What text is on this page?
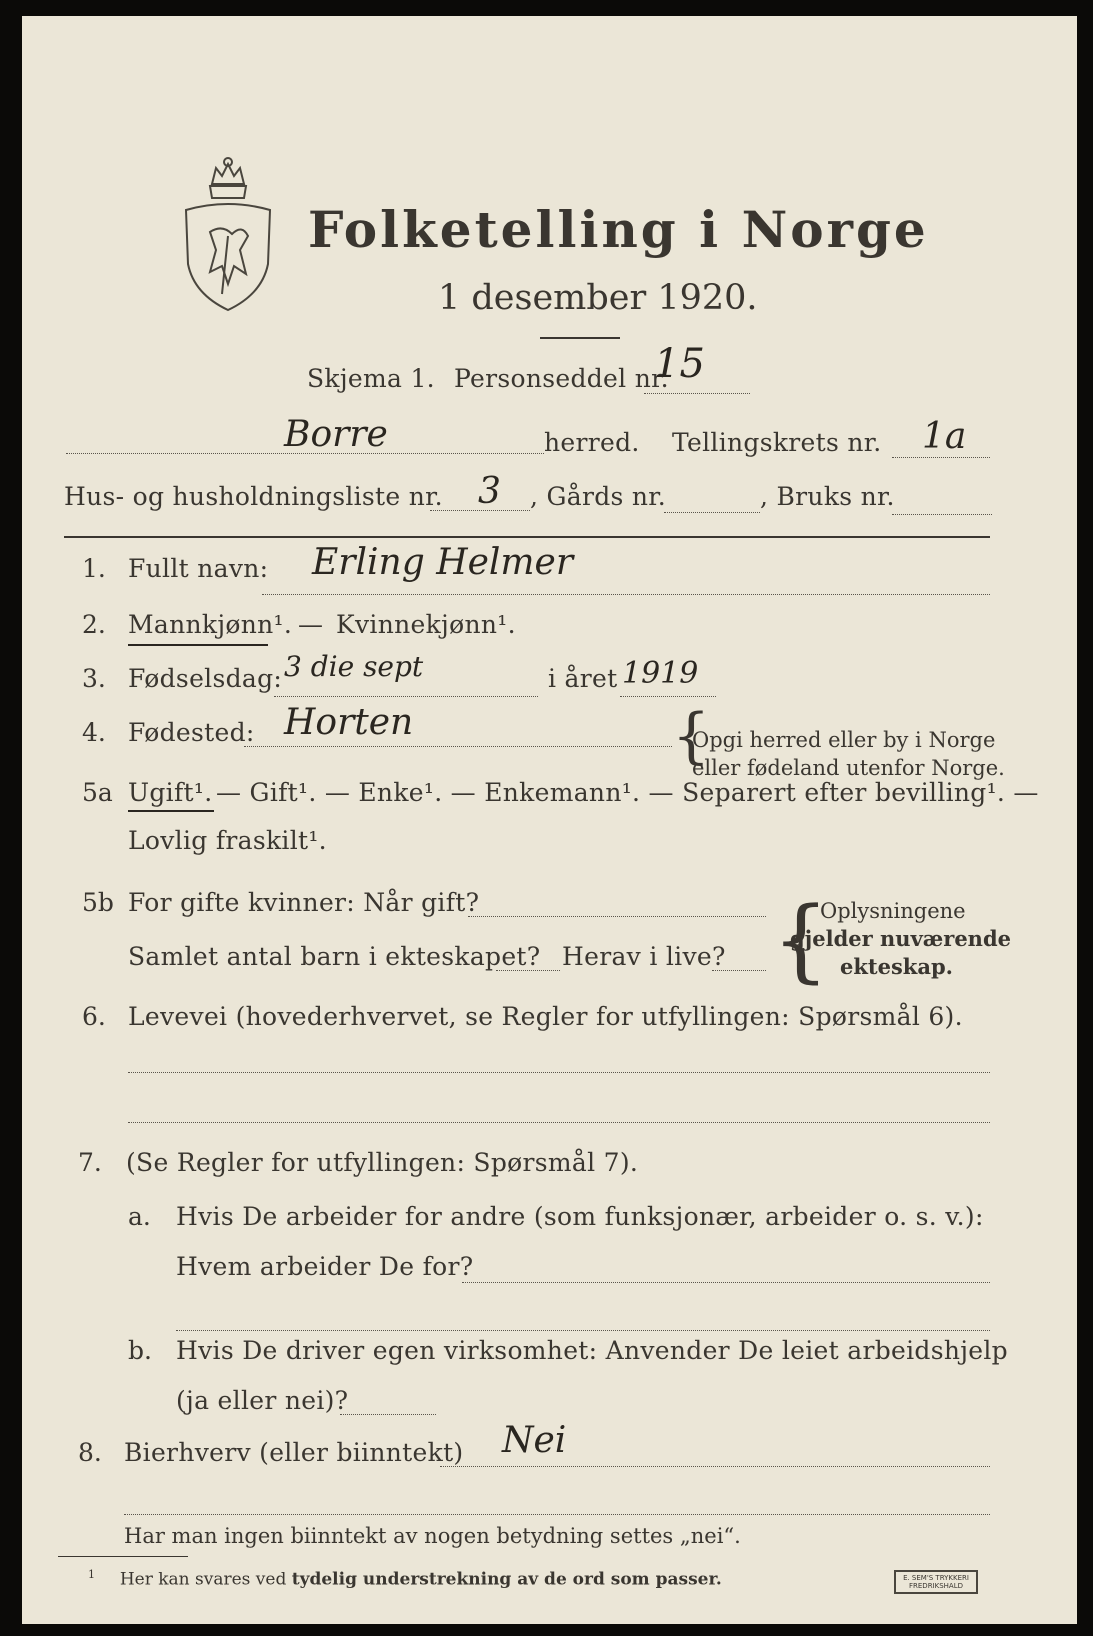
Folketelling i Norge
1 desember 1920.
Skjema 1. Personseddel nr.
15
Borre	herred. Tellingskrets nr. 1a
Hus- og husholdningsliste nr. 3 , Gårds nr.	, Bruks nr.
1. Fullt navn: Erling Helmer
2. Mannkjønn¹. — Kvinnekjønn¹.
3. Fødselsdag: 3 die sept	i året 1919
4. Fødested: Horten	{
Opgi herred eller by i Norge
eller fødeland utenfor Norge.
5a Ugift¹. — Gift¹. — Enke¹. — Enkemann¹. — Separert efter bevilling¹. —
Lovlig fraskilt¹.
5b For gifte kvinner: Når gift?
Samlet antal barn i ekteskapet? Herav i live? {
Oplysningene
gjelder nuværende
ekteskap.
6. Levevei (hovederhvervet, se Regler for utfyllingen: Spørsmål 6).
7. (Se Regler for utfyllingen: Spørsmål 7).
a. Hvis De arbeider for andre (som funksjonær, arbeider o. s. v.):
Hvem arbeider De for?
b. Hvis De driver egen virksomhet: Anvender De leiet arbeidshjelp
(ja eller nei)?
8. Bierhverv (eller biinntekt) Nei
Har man ingen biinntekt av nogen betydning settes „nei“.
$^1$ Her kan svares ved tydelig understrekning av de ord som passer.	E. SEM'S TRYKKERI FREDRIKSHALD
